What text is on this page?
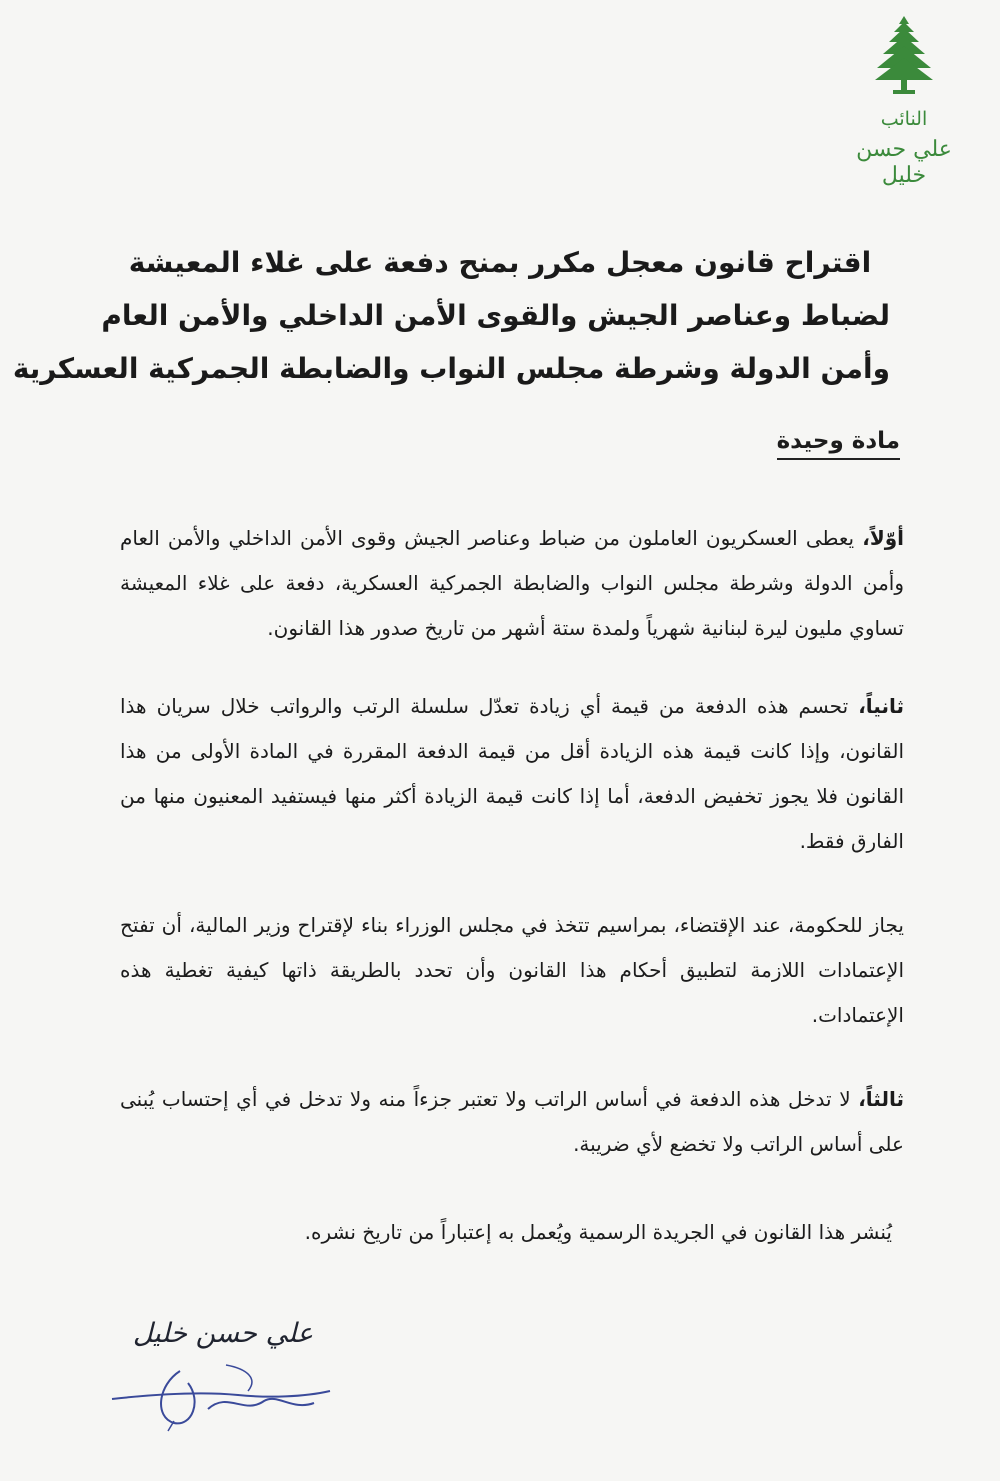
النائب
علي حسن خليل
اقتراح قانون معجل مكرر بمنح دفعة على غلاء المعيشة
لضباط وعناصر الجيش والقوى الأمن الداخلي والأمن العام
وأمن الدولة وشرطة مجلس النواب والضابطة الجمركية العسكرية
مادة وحيدة
أوّلاً، يعطى العسكريون العاملون من ضباط وعناصر الجيش وقوى الأمن الداخلي والأمن العام وأمن الدولة وشرطة مجلس النواب والضابطة الجمركية العسكرية، دفعة على غلاء المعيشة تساوي مليون ليرة لبنانية شهرياً ولمدة ستة أشهر من تاريخ صدور هذا القانون.
ثانياً، تحسم هذه الدفعة من قيمة أي زيادة تعدّل سلسلة الرتب والرواتب خلال سريان هذا القانون، وإذا كانت قيمة هذه الزيادة أقل من قيمة الدفعة المقررة في المادة الأولى من هذا القانون فلا يجوز تخفيض الدفعة، أما إذا كانت قيمة الزيادة أكثر منها فيستفيد المعنيون منها من الفارق فقط.
يجاز للحكومة، عند الإقتضاء، بمراسيم تتخذ في مجلس الوزراء بناء لإقتراح وزير المالية، أن تفتح الإعتمادات اللازمة لتطبيق أحكام هذا القانون وأن تحدد بالطريقة ذاتها كيفية تغطية هذه الإعتمادات.
ثالثاً، لا تدخل هذه الدفعة في أساس الراتب ولا تعتبر جزءاً منه ولا تدخل في أي إحتساب يُبنى على أساس الراتب ولا تخضع لأي ضريبة.
يُنشر هذا القانون في الجريدة الرسمية ويُعمل به إعتباراً من تاريخ نشره.
علي حسن خليل
